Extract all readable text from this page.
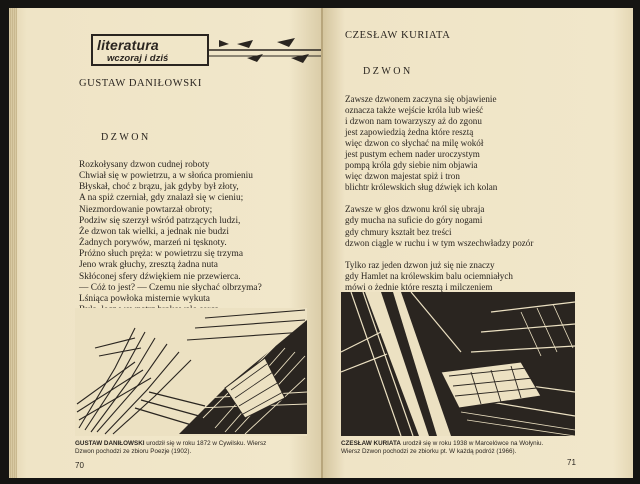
literatura
wczoraj i dziś
GUSTAW DANIŁOWSKI
DZWON
Rozkołysany dzwon cudnej roboty
Chwiał się w powietrzu, a w słońca promieniu
Błyskał, choć z brązu, jak gdyby był złoty,
A na spiż czerniał, gdy znalazł się w cieniu;
Niezmordowanie powtarzał obroty;
Podziw się szerzył wśród patrzących ludzi,
Że dzwon tak wielki, a jednak nie budzi
Żadnych porywów, marzeń ni tęsknoty.
Próżno słuch pręża: w powietrzu się trzyma
Jeno wrak głuchy, zresztą żadna nuta
Skłóconej sfery dźwiękiem nie przewierca.
— Cóż to jest? — Czemu nie słychać olbrzyma?
Lśniąca powłoka misternie wykuta
GUSTAW DANIŁOWSKI urodził się w roku 1872 w Cywilsku. Wiersz
Dzwon pochodzi ze zbioru Poezje (1902).
70
CZESŁAW KURIATA
DZWON
Zawsze dzwonem zaczyna się objawienie
oznacza także wejście króla lub wieść
i dzwon nam towarzyszy aż do zgonu
jest zapowiedzią żedna które resztą
więc dzwon co słychać na milę wokół
jest pustym echem nader uroczystym
pompą króla gdy siebie nim objawia
więc dzwon majestat spiż i tron
blichtr królewskich sług dźwięk ich kolan
Zawsze w głos dzwonu król się ubraja
gdy mucha na suficie do góry nogami
gdy chmury kształt bez treści
dzwon ciągle w ruchu i w tym wszechwładzy pozór
Tylko raz jeden dzwon już się nie znaczy
gdy Hamlet na królewskim balu ociemniałych
mówi o żednie które resztą i milczeniem
CZESŁAW KURIATA urodził się w roku 1938 w Marcelówce na Wołyniu.
Wiersz Dzwon pochodzi ze zbiorku pt. W każdą podróż (1966).
71
